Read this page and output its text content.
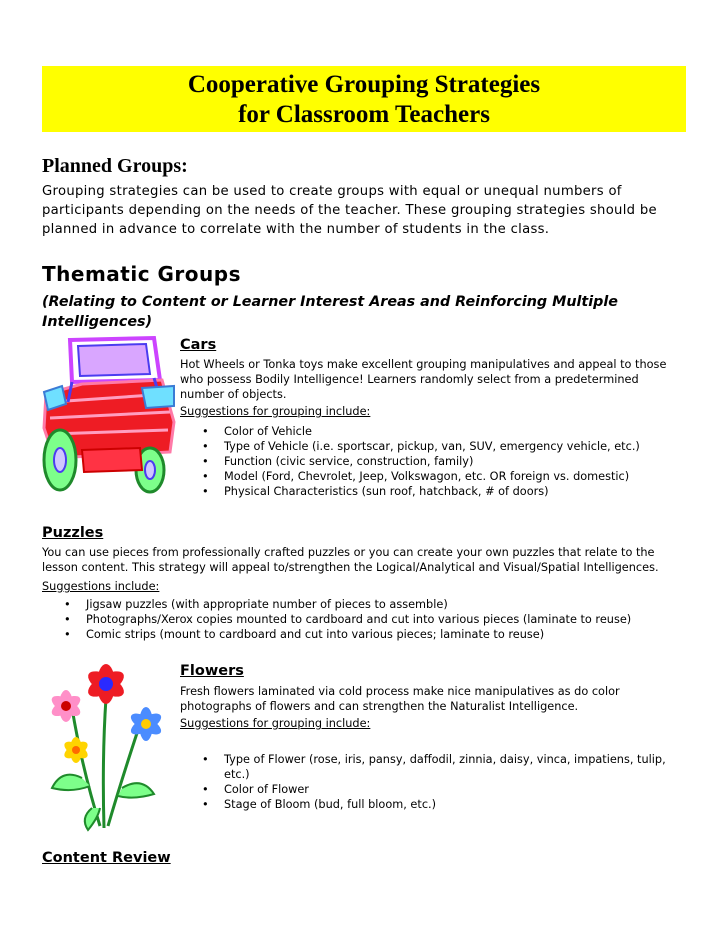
Cooperative Grouping Strategies
for Classroom Teachers
Planned Groups:
Grouping strategies can be used to create groups with equal or unequal numbers of
participants depending on the needs of the teacher. These grouping strategies should be
planned in advance to correlate with the number of students in the class.
Thematic Groups
(Relating to Content or Learner Interest Areas and Reinforcing Multiple
Intelligences)
Cars
Hot Wheels or Tonka toys make excellent grouping manipulatives and appeal to those
who possess Bodily Intelligence! Learners randomly select from a predetermined
number of objects.
Suggestions for grouping include:
• Color of Vehicle
• Type of Vehicle (i.e. sportscar, pickup, van, SUV, emergency vehicle, etc.)
• Function (civic service, construction, family)
• Model (Ford, Chevrolet, Jeep, Volkswagon, etc. OR foreign vs. domestic)
• Physical Characteristics (sun roof, hatchback, # of doors)
Puzzles
You can use pieces from professionally crafted puzzles or you can create your own puzzles that relate to the
lesson content. This strategy will appeal to/strengthen the Logical/Analytical and Visual/Spatial Intelligences.
Suggestions include:
• Jigsaw puzzles (with appropriate number of pieces to assemble)
• Photographs/Xerox copies mounted to cardboard and cut into various pieces (laminate to reuse)
• Comic strips (mount to cardboard and cut into various pieces; laminate to reuse)
Flowers
Fresh flowers laminated via cold process make nice manipulatives as do color
photographs of flowers and can strengthen the Naturalist Intelligence.
Suggestions for grouping include:
• Type of Flower (rose, iris, pansy, daffodil, zinnia, daisy, vinca, impatiens, tulip,
etc.)
• Color of Flower
• Stage of Bloom (bud, full bloom, etc.)
Content Review
